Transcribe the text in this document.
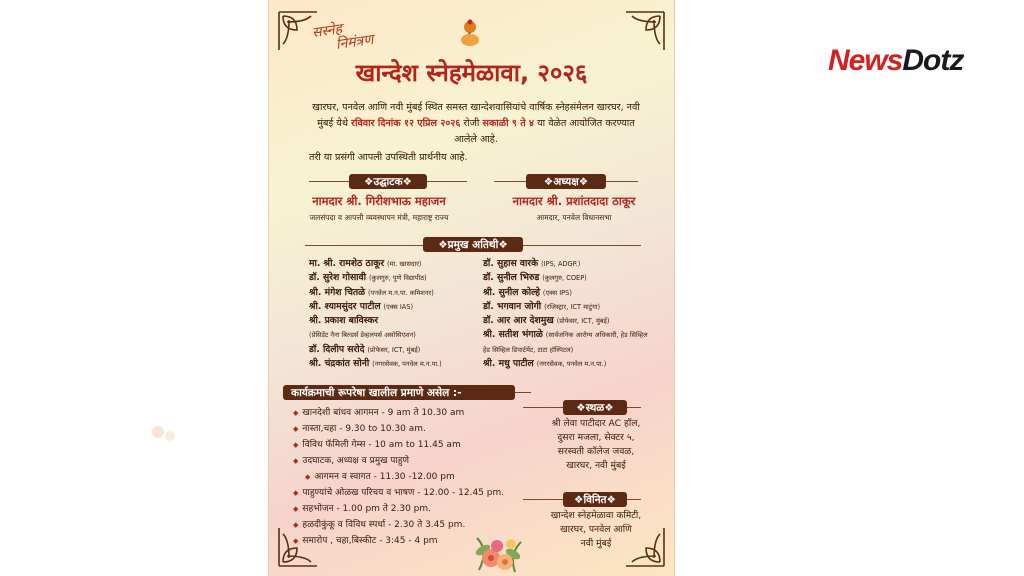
NewsDotz
सस्नेह
निमंत्रण
खान्देश स्नेहमेळावा, २०२६
खारघर, पनवेल आणि नवी मुंबई स्थित समस्त खान्देशवासियांचे वार्षिक स्नेहसंमेलन खारघर, नवी मुंबई येथे रविवार दिनांक १२ एप्रिल २०२६ रोजी सकाळी ९ ते ४ या वेळेत आयोजित करण्यात आलेले आहे.
तरी या प्रसंगी आपली उपस्थिती प्रार्थनीय आहे.
❖ उद्घाटक ❖	❖ अध्यक्ष ❖
नामदार श्री. गिरीशभाऊ महाजन
जलसंपदा व आपत्ती व्यवस्थापन मंत्री, महाराष्ट्र राज्य
नामदार श्री. प्रशांतदादा ठाकूर
आमदार, पनवेल विधानसभा
❖ प्रमुख अतिथी ❖
मा. श्री. रामशेठ ठाकूर (मा. खासदार)
डॉ. सुरेश गोसावी (कुलगुरु, पुणे विद्यापीठ)
श्री. मंगेश चितळे (पनवेल म.न.पा. कमिशनर)
श्री. श्यामसुंदर पाटील (एक्स IAS)
श्री. प्रकाश बाविस्कर
(प्रेसिडेंट नैना बिल्डर्स डेव्हलपर्स असोसिएशन)
डॉ. दिलीप सरोदे (प्रोफेसर, ICT, मुंबई)
श्री. चंद्रकांत सोनी (नगरसेवक, पनवेल म.न.पा.)
डॉ. सुहास वारके (IPS, ADGP.)
डॉ. सुनील भिरुड (कुलगुरु, COEP)
श्री. सुनील कोल्हे (एक्स IPS)
डॉ. भगवान जोगी (रजिस्ट्रार, ICT माटुंगा)
डॉ. आर आर देशमुख (प्रोफेसर, ICT, मुंबई)
श्री. सतीश भंगाळे (सार्वजनिक आरोग्य अधिकारी, हेड सिव्हिल
हेड सिव्हिल डिपार्टमेंट, टाटा हॉस्पिटल)
श्री. मधु पाटील (नगरसेवक, पनवेल म.न.पा.)
कार्यक्रमाची रूपरेषा खालील प्रमाणे असेल :-
◆ खानदेशी बांधव आगमन - 9 am ते 10.30 am
◆ नास्ता,चहा - 9.30 to 10.30 am.
◆ विविध फॅमिली गेम्स - 10 am to 11.45 am
◆ उदघाटक, अध्यक्ष व प्रमुख पाहुणे
◆ आगमन व स्वागत - 11.30 -12.00 pm
◆ पाहुण्यांचे ओळख परिचय व भाषण - 12.00 - 12.45 pm.
◆ सहभोजन - 1.00 pm ते 2.30 pm.
◆ हळदीकुंकू व विविध स्पर्धा - 2.30 ते 3.45 pm.
◆ समारोप , चहा,बिस्कीट - 3:45 - 4 pm
❖ स्थळ ❖
श्री लेवा पाटीदार AC हॉल,
दुसरा मजला, सेक्टर ५,
सरस्वती कॉलेज जवळ,
खारघर, नवी मुंबई
❖ विनित ❖
खान्देश स्नेहमेळावा कमिटी,
खारघर, पनवेल आणि
नवी मुंबई
